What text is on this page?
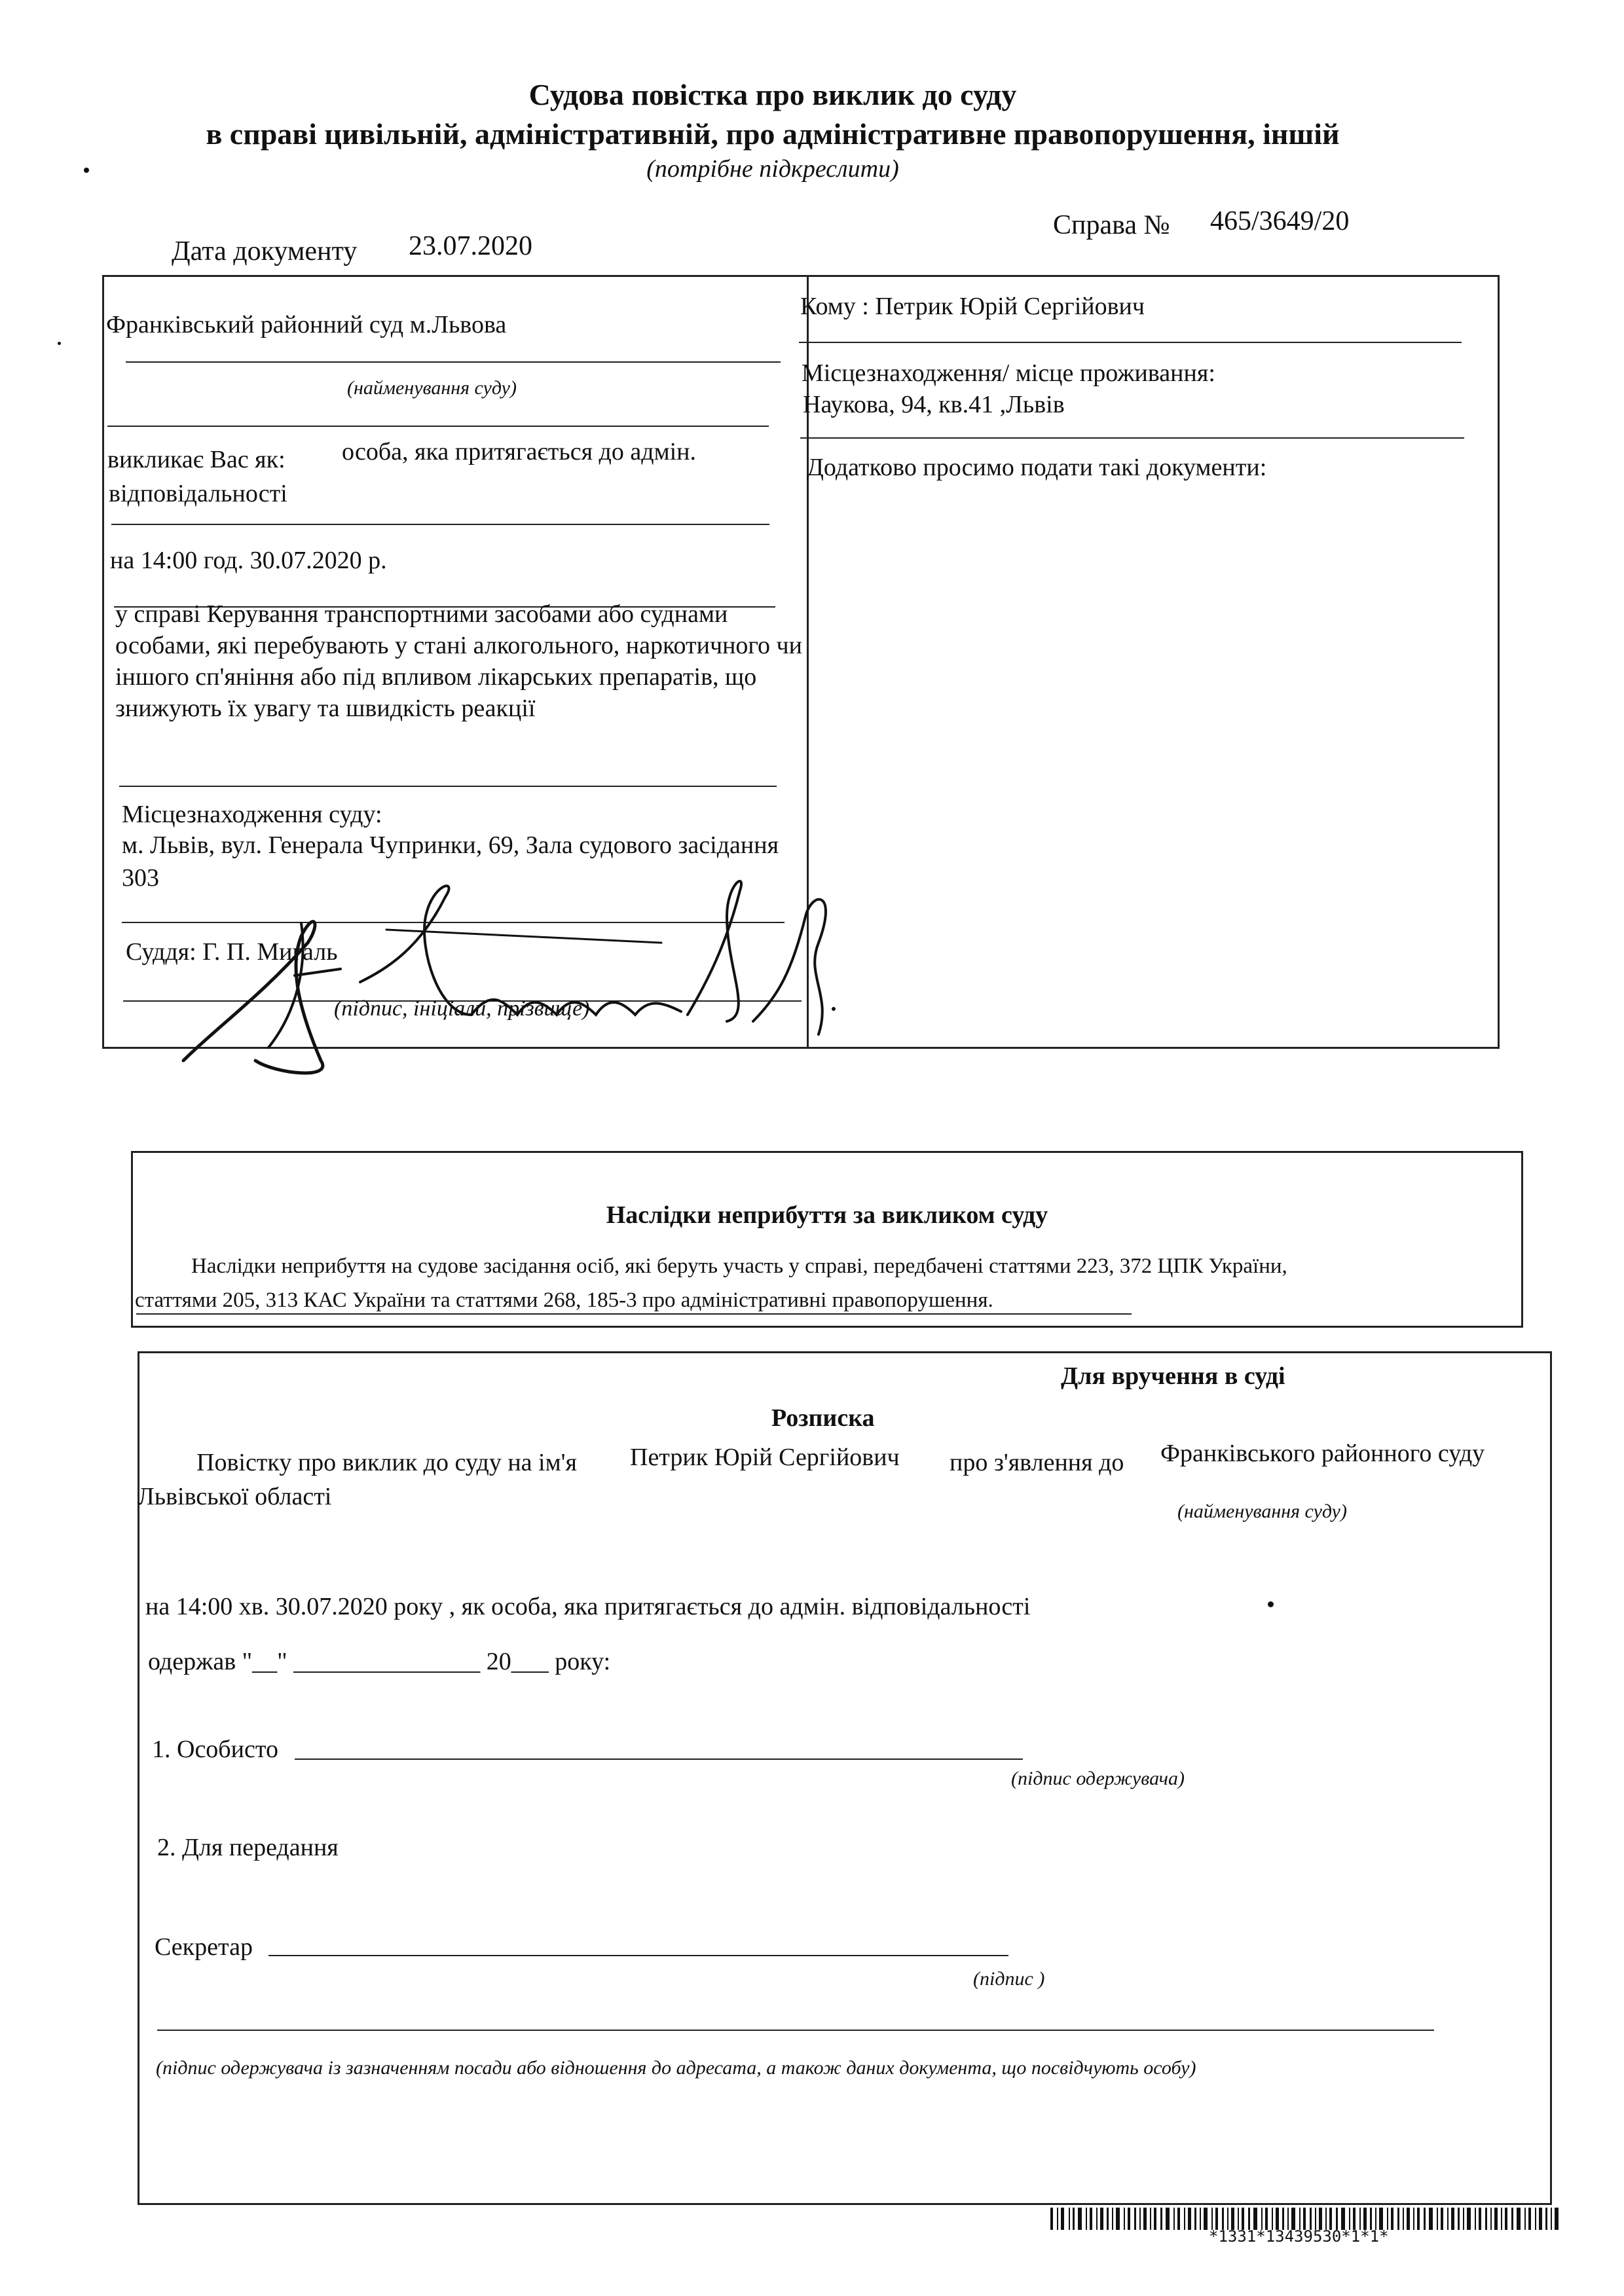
Судова повістка про виклик до суду
в справі цивільній, адміністративній, про адміністративне правопорушення, іншій
(потрібне підкреслити)
Дата документу 23.07.2020
Справа № 465/3649/20
Франківський районний суд м.Львова
(найменування суду)
викликає Вас як: особа, яка притягається до адмін.
відповідальності
на 14:00 год. 30.07.2020 р.
у справі Керування транспортними засобами або суднами особами, які перебувають у стані алкогольного, наркотичного чи іншого сп'яніння або під впливом лікарських препаратів, що знижують їх увагу та швидкість реакції
Місцезнаходження суду:
м. Львів, вул. Генерала Чупринки, 69, Зала судового засідання 303
Суддя: Г. П. Мигаль
(підпис, ініціали, прізвище)
Кому : Петрик Юрій Сергійович
Місцезнаходження/ місце проживання:
Наукова, 94, кв.41 ,Львів
Додатково просимо подати такі документи:
Наслідки неприбуття за викликом суду
Наслідки неприбуття на судове засідання осіб, які беруть участь у справі, передбачені статтями 223, 372 ЦПК України,
статтями 205, 313 КАС України та статтями 268, 185-3 про адміністративні правопорушення.
Для вручення в суді
Розписка
Повістку про виклик до суду на ім'я Петрик Юрій Сергійович про з'явлення до Франківського районного суду
Львівської області
(найменування суду)
на 14:00 хв. 30.07.2020 року , як особа, яка притягається до адмін. відповідальності
одержав "__" _______________ 20___ року:
1. Особисто
(підпис одержувача)
2. Для передання
Секретар
(підпис )
(підпис одержувача із зазначенням посади або відношення до адресата, а також даних документа, що посвідчують особу)
*1331*13439530*1*1*
